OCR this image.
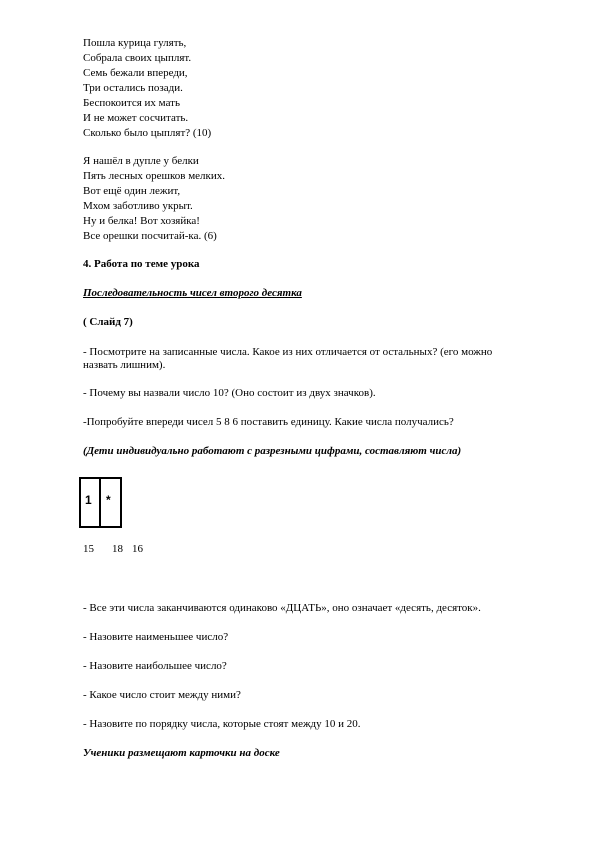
Пошла курица гулять,
Собрала своих цыплят.
Семь бежали впереди,
Три остались позади.
Беспокоится их мать
И не может сосчитать.
Сколько было цыплят? (10)
Я нашёл в дупле у белки
Пять лесных орешков мелких.
Вот ещё один лежит,
Мхом заботливо укрыт.
Ну и белка! Вот хозяйка!
Все орешки посчитай-ка. (6)
4. Работа по теме урока
Последовательность чисел второго десятка
( Слайд 7)
- Посмотрите на записанные числа. Какое из них отличается от остальных? (его можно назвать лишним).
- Почему вы назвали число 10? (Оно состоит из двух значков).
-Попробуйте впереди чисел 5 8 6 поставить единицу. Какие числа получались?
(Дети индивидуально работают с разрезными цифрами, составляют числа)
1 *
15 18 16
- Все эти числа заканчиваются одинаково «ДЦАТЬ», оно означает «десять, десяток».
- Назовите наименьшее число?
- Назовите наибольшее число?
- Какое число стоит между ними?
- Назовите по порядку числа, которые стоят между 10 и 20.
Ученики размещают карточки на доске
